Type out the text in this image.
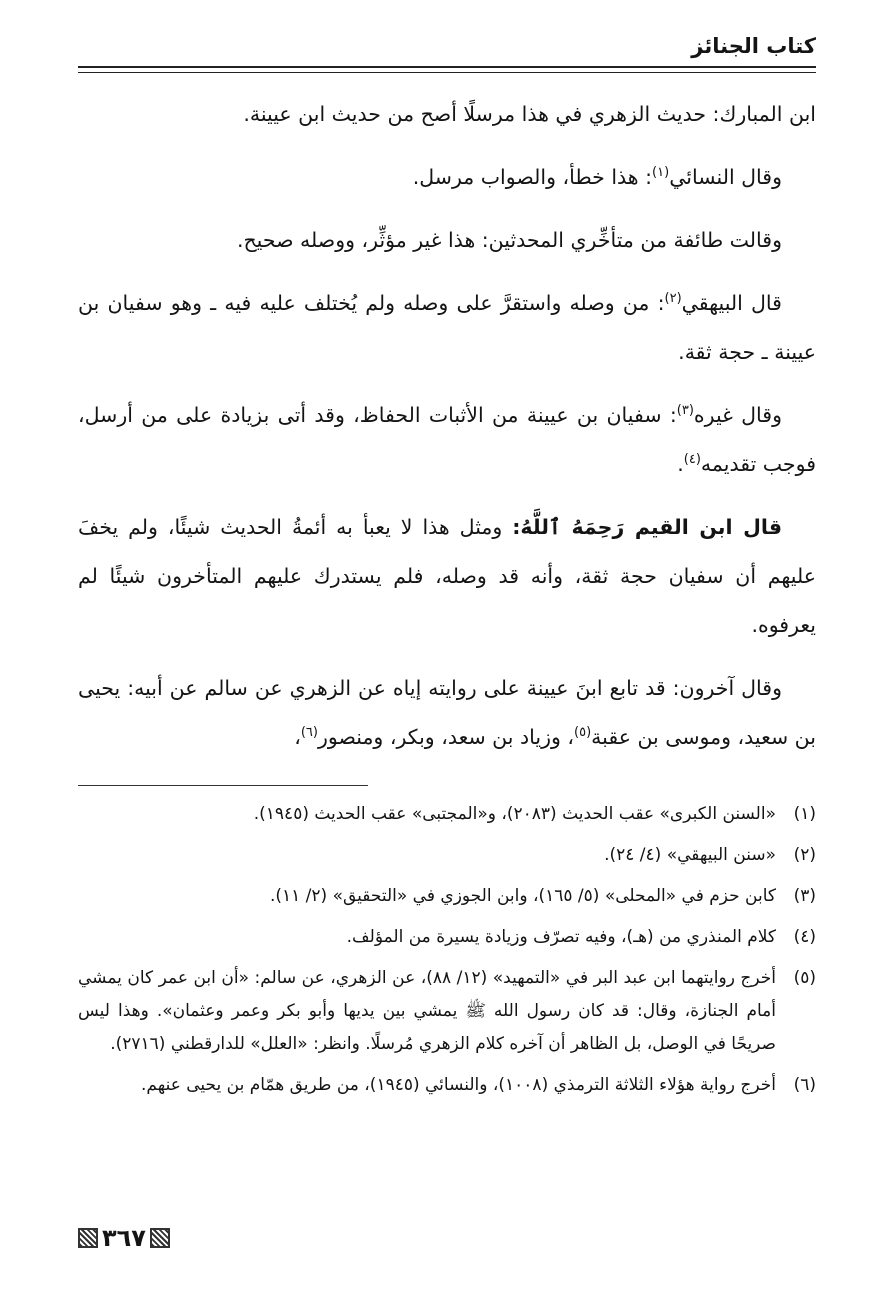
كتاب الجنائز

ابن المبارك: حديث الزهري في هذا مرسلًا أصح من حديث ابن عيينة.

وقال النسائي$^{(١)}$: هذا خطأ، والصواب مرسل.

وقالت طائفة من متأخِّري المحدثين: هذا غير مؤثِّر، ووصله صحيح.

قال البيهقي$^{(٢)}$: من وصله واستقرَّ على وصله ولم يُختلف عليه فيه ـ وهو سفيان بن عيينة ـ حجة ثقة.

وقال غيره$^{(٣)}$: سفيان بن عيينة من الأثبات الحفاظ، وقد أتى بزيادة على من أرسل، فوجب تقديمه$^{(٤)}$.

قال ابن القيم رَحِمَهُ ٱللَّهُ: ومثل هذا لا يعبأ به أئمةُ الحديث شيئًا، ولم يخفَ عليهم أن سفيان حجة ثقة، وأنه قد وصله، فلم يستدرك عليهم المتأخرون شيئًا لم يعرفوه.

وقال آخرون: قد تابع ابنَ عيينة على روايته إياه عن الزهري عن سالم عن أبيه: يحيى بن سعيد، وموسى بن عقبة$^{(٥)}$، وزياد بن سعد، وبكر، ومنصور$^{(٦)}$،

(١)
«السنن الكبرى» عقب الحديث (٢٠٨٣)، و«المجتبى» عقب الحديث (١٩٤٥).

(٢)
«سنن البيهقي» (٤/ ٢٤).

(٣)
كابن حزم في «المحلى» (٥/ ١٦٥)، وابن الجوزي في «التحقيق» (٢/ ١١).

(٤)
كلام المنذري من (هـ)، وفيه تصرّف وزيادة يسيرة من المؤلف.

(٥)
أخرج روايتهما ابن عبد البر في «التمهيد» (١٢/ ٨٨)، عن الزهري، عن سالم: «أن ابن عمر كان يمشي أمام الجنازة، وقال: قد كان رسول الله ﷺ يمشي بين يديها وأبو بكر وعمر وعثمان». وهذا ليس صريحًا في الوصل، بل الظاهر أن آخره كلام الزهري مُرسلًا. وانظر: «العلل» للدارقطني (٢٧١٦).

(٦)
أخرج رواية هؤلاء الثلاثة الترمذي (١٠٠٨)، والنسائي (١٩٤٥)، من طريق همّام بن يحيى عنهم.

٣٦٧
